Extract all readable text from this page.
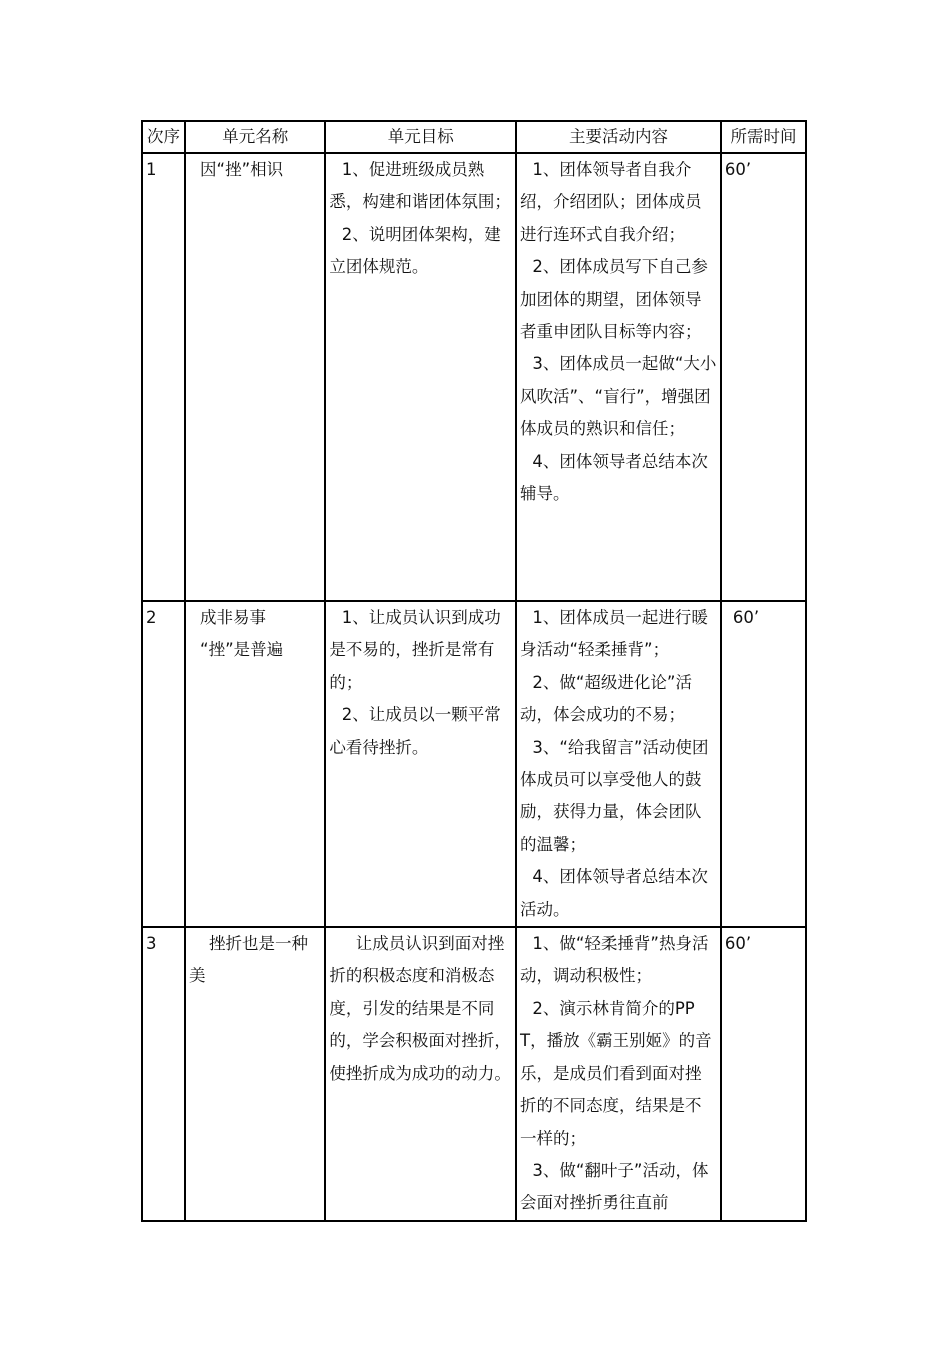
次序	单元名称	单元目标	主要活动内容	所需时间

1	因“挫”相识	1、促进班级成员熟悉，构建和谐团体氛围；
2、说明团体架构，建立团体规范。	1、团体领导者自我介绍，介绍团队；团体成员进行连环式自我介绍；
2、团体成员写下自己参加团体的期望，团体领导者重申团队目标等内容；
3、团体成员一起做“大小风吹活”、“盲行”，增强团体成员的熟识和信任；
4、团体领导者总结本次辅导。	60’

2	成非易事
“挫”是普遍	1、让成员认识到成功是不易的，挫折是常有的；
2、让成员以一颗平常心看待挫折。	1、团体成员一起进行暖身活动“轻柔捶背”；
2、做“超级进化论”活动，体会成功的不易；
3、“给我留言”活动使团体成员可以享受他人的鼓励，获得力量，体会团队的温馨；
4、团体领导者总结本次活动。	60’

3	挫折也是一种美	让成员认识到面对挫折的积极态度和消极态度，引发的结果是不同的，学会积极面对挫折，使挫折成为成功的动力。	1、做“轻柔捶背”热身活动，调动积极性；
2、演示林肯简介的PPT，播放《霸王别姬》的音乐，是成员们看到面对挫折的不同态度，结果是不一样的；
3、做“翻叶子”活动，体会面对挫折勇往直前	60’
